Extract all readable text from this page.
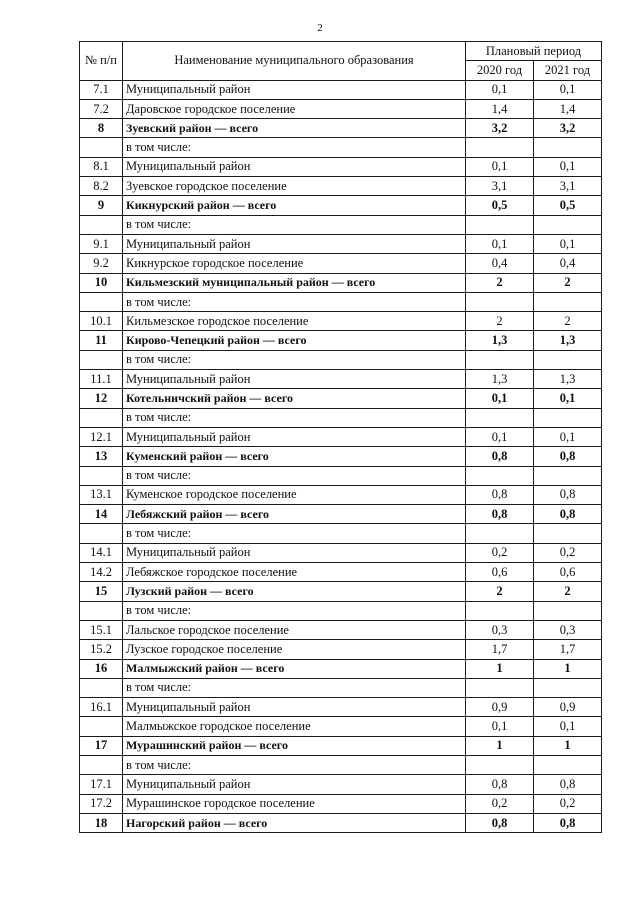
2
№ п/п	Наименование муниципального образования	Плановый период	
		2020 год	2021 год
7.1	Муниципальный район	0,1	0,1
7.2	Даровское городское поселение	1,4	1,4
8	Зуевский район — всего	3,2	3,2
	в том числе:		
8.1	Муниципальный район	0,1	0,1
8.2	Зуевское городское поселение	3,1	3,1
9	Кикнурский район — всего	0,5	0,5
	в том числе:		
9.1	Муниципальный район	0,1	0,1
9.2	Кикнурское городское поселение	0,4	0,4
10	Кильмезский муниципальный район — всего	2	2
	в том числе:		
10.1	Кильмезское городское поселение	2	2
11	Кирово-Чепецкий район — всего	1,3	1,3
	в том числе:		
11.1	Муниципальный район	1,3	1,3
12	Котельничский район — всего	0,1	0,1
	в том числе:		
12.1	Муниципальный район	0,1	0,1
13	Куменский район — всего	0,8	0,8
	в том числе:		
13.1	Куменское городское поселение	0,8	0,8
14	Лебяжский район — всего	0,8	0,8
	в том числе:		
14.1	Муниципальный район	0,2	0,2
14.2	Лебяжское городское поселение	0,6	0,6
15	Лузский район — всего	2	2
	в том числе:		
15.1	Лальское городское поселение	0,3	0,3
15.2	Лузское городское поселение	1,7	1,7
16	Малмыжский район — всего	1	1
	в том числе:		
16.1	Муниципальный район	0,9	0,9
	Малмыжское городское поселение	0,1	0,1
17	Мурашинский район — всего	1	1
	в том числе:		
17.1	Муниципальный район	0,8	0,8
17.2	Мурашинское городское поселение	0,2	0,2
18	Нагорский район — всего	0,8	0,8
